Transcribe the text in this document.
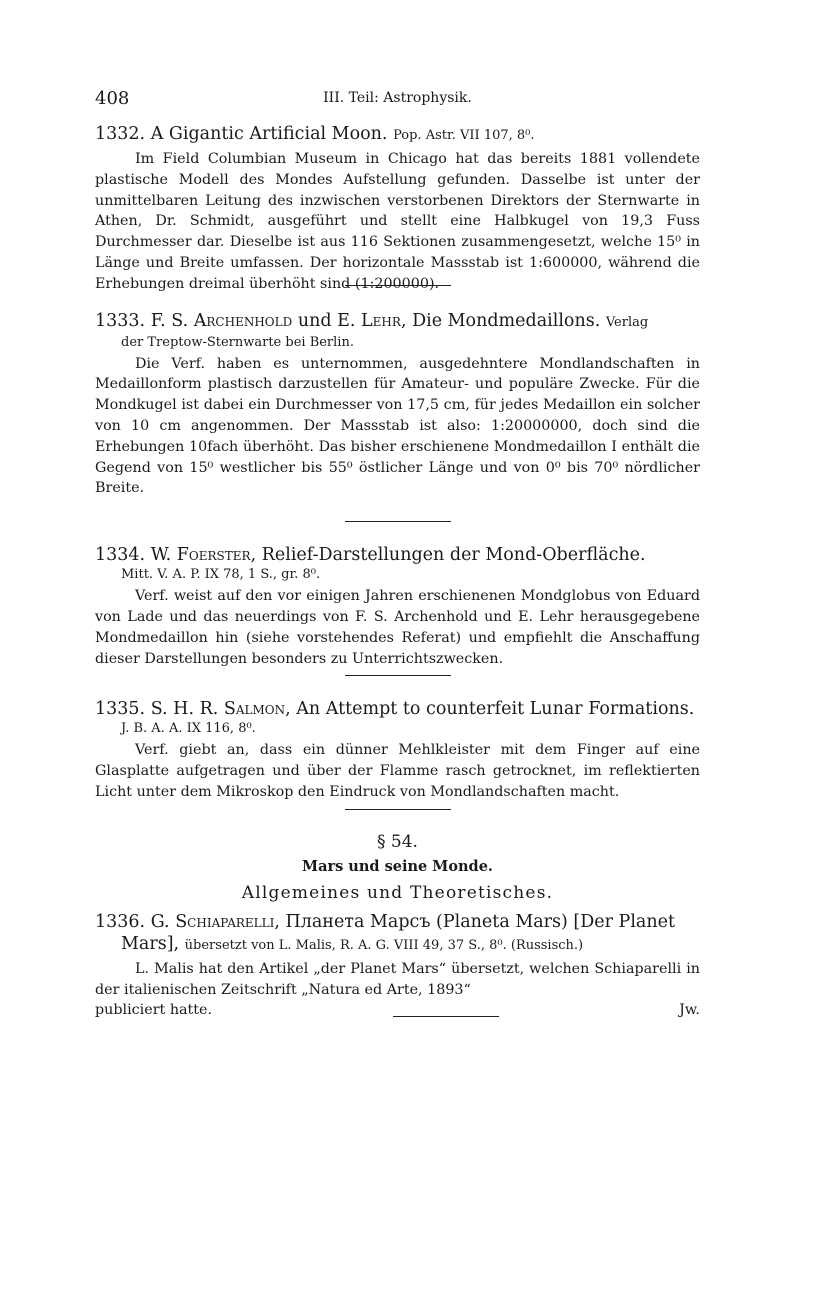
408	III. Teil: Astrophysik.
1332. A Gigantic Artificial Moon. Pop. Astr. VII 107, 8⁰.

Im Field Columbian Museum in Chicago hat das bereits 1881 vollendete plastische Modell des Mondes Aufstellung gefunden. Dasselbe ist unter der unmittelbaren Leitung des inzwischen verstorbenen Direktors der Sternwarte in Athen, Dr. Schmidt, ausgeführt und stellt eine Halbkugel von 19,3 Fuss Durchmesser dar. Dieselbe ist aus 116 Sektionen zusammengesetzt, welche 15⁰ in Länge und Breite umfassen. Der horizontale Massstab ist 1:600000, während die Erhebungen dreimal überhöht sind (1:200000).

1333. F. S. Archenhold und E. Lehr, Die Mondmedaillons. Verlag
der Treptow-Sternwarte bei Berlin.

Die Verf. haben es unternommen, ausgedehntere Mondlandschaften in Medaillonform plastisch darzustellen für Amateur- und populäre Zwecke. Für die Mondkugel ist dabei ein Durchmesser von 17,5 cm, für jedes Medaillon ein solcher von 10 cm angenommen. Der Massstab ist also: 1:20000000, doch sind die Erhebungen 10fach überhöht. Das bisher erschienene Mondmedaillon I enthält die Gegend von 15⁰ westlicher bis 55⁰ östlicher Länge und von 0⁰ bis 70⁰ nördlicher Breite.

1334. W. Foerster, Relief-Darstellungen der Mond-Oberfläche.
Mitt. V. A. P. IX 78, 1 S., gr. 8⁰.

Verf. weist auf den vor einigen Jahren erschienenen Mondglobus von Eduard von Lade und das neuerdings von F. S. Archenhold und E. Lehr herausgegebene Mondmedaillon hin (siehe vorstehendes Referat) und empfiehlt die Anschaffung dieser Darstellungen besonders zu Unterrichtszwecken.

1335. S. H. R. Salmon, An Attempt to counterfeit Lunar Formations.
J. B. A. A. IX 116, 8⁰.

Verf. giebt an, dass ein dünner Mehlkleister mit dem Finger auf eine Glasplatte aufgetragen und über der Flamme rasch getrocknet, im reflektierten Licht unter dem Mikroskop den Eindruck von Mondlandschaften macht.

§ 54.
Mars und seine Monde.
Allgemeines und Theoretisches.
1336. G. Schiaparelli, Планета Марсъ (Planeta Mars) [Der Planet
Mars], übersetzt von L. Malis, R. A. G. VIII 49, 37 S., 8⁰. (Russisch.)

L. Malis hat den Artikel „der Planet Mars“ übersetzt, welchen Schiaparelli in der italienischen Zeitschrift „Natura ed Arte, 1893“

publiciert hatte.	Jw.
